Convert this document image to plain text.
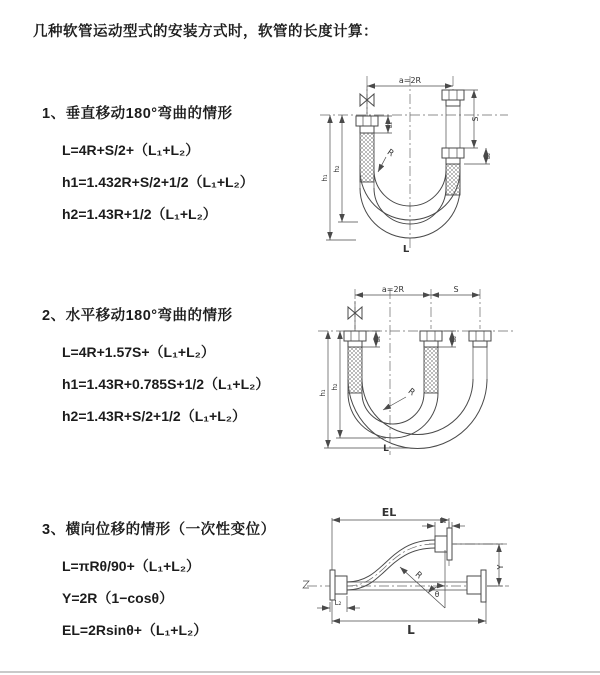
几种软管运动型式的安装方式时，软管的长度计算：
1、垂直移动180°弯曲的情形
L=4R+S/2+（L₁+L₂）
h1=1.432R+S/2+1/2（L₁+L₂）
h2=1.43R+1/2（L₁+L₂）
a=2R
S
L₂
L₁
h₁
h₂
R
L
2、水平移动180°弯曲的情形
L=4R+1.57S+（L₁+L₂）
h1=1.43R+0.785S+1/2（L₁+L₂）
h2=1.43R+S/2+1/2（L₁+L₂）
a=2R	S
L₁	L₂
h₁
h₂	R
L
3、横向位移的情形（一次性变位）
L=πRθ/90+（L₁+L₂）
Y=2R（1−cosθ）
EL=2Rsinθ+（L₁+L₂）
θ
R
EL
L₁
Y
L₂
L
